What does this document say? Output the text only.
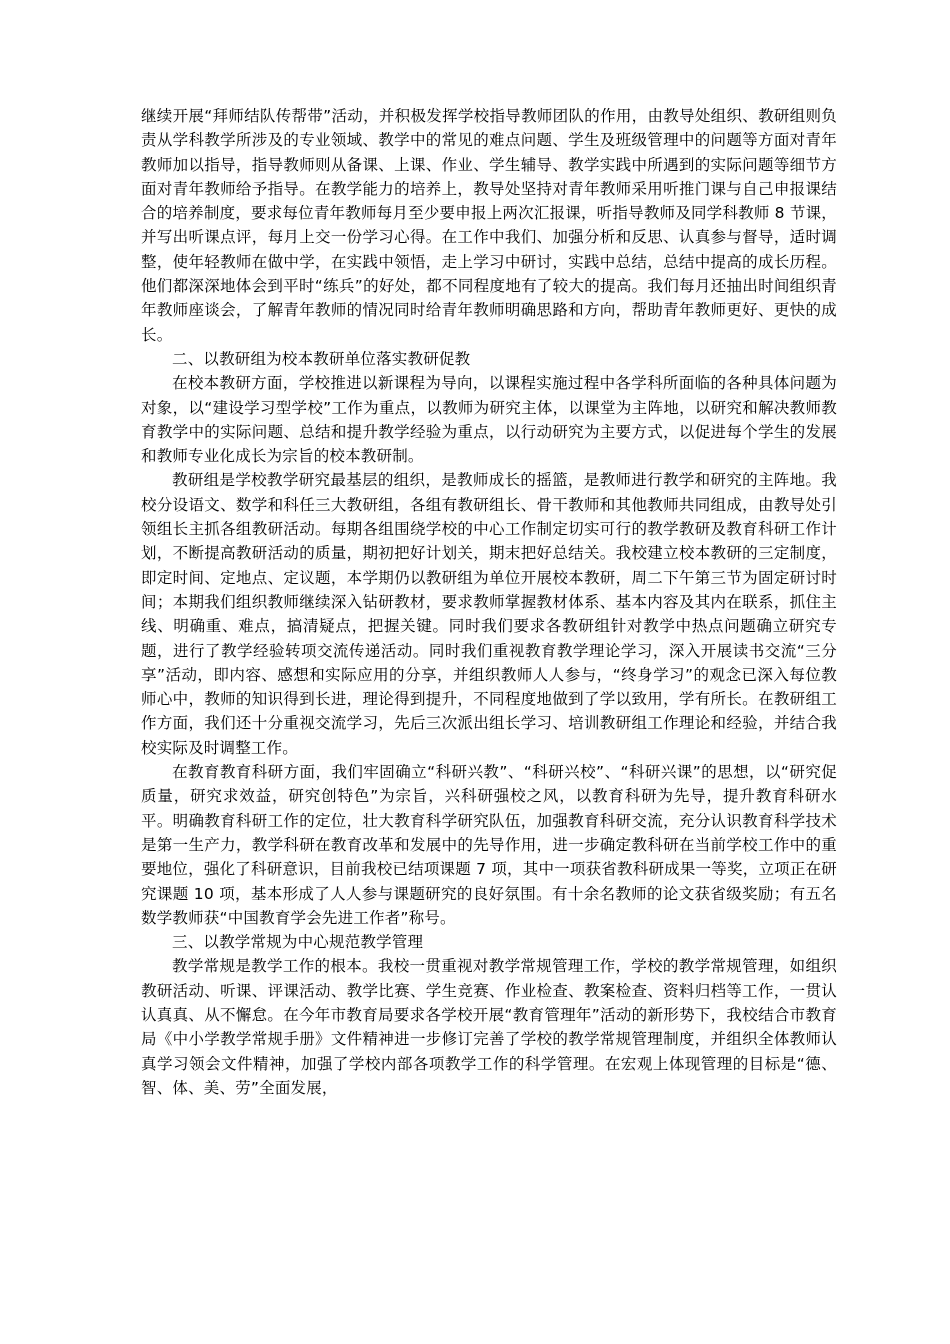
继续开展“拜师结队传帮带”活动，并积极发挥学校指导教师团队的作用，由教导处组织、教研组则负责从学科教学所涉及的专业领域、教学中的常见的难点问题、学生及班级管理中的问题等方面对青年教师加以指导，指导教师则从备课、上课、作业、学生辅导、教学实践中所遇到的实际问题等细节方面对青年教师给予指导。在教学能力的培养上，教导处坚持对青年教师采用听推门课与自己申报课结合的培养制度，要求每位青年教师每月至少要申报上两次汇报课，听指导教师及同学科教师 8 节课，并写出听课点评，每月上交一份学习心得。在工作中我们、加强分析和反思、认真参与督导，适时调整，使年轻教师在做中学，在实践中领悟，走上学习中研讨，实践中总结，总结中提高的成长历程。他们都深深地体会到平时“练兵”的好处，都不同程度地有了较大的提高。我们每月还抽出时间组织青年教师座谈会，了解青年教师的情况同时给青年教师明确思路和方向，帮助青年教师更好、更快的成长。

二、以教研组为校本教研单位落实教研促教

在校本教研方面，学校推进以新课程为导向，以课程实施过程中各学科所面临的各种具体问题为对象，以“建设学习型学校”工作为重点，以教师为研究主体，以课堂为主阵地，以研究和解决教师教育教学中的实际问题、总结和提升教学经验为重点，以行动研究为主要方式，以促进每个学生的发展和教师专业化成长为宗旨的校本教研制。

教研组是学校教学研究最基层的组织，是教师成长的摇篮，是教师进行教学和研究的主阵地。我校分设语文、数学和科任三大教研组，各组有教研组长、骨干教师和其他教师共同组成，由教导处引领组长主抓各组教研活动。每期各组围绕学校的中心工作制定切实可行的教学教研及教育科研工作计划，不断提高教研活动的质量，期初把好计划关，期末把好总结关。我校建立校本教研的三定制度，即定时间、定地点、定议题，本学期仍以教研组为单位开展校本教研，周二下午第三节为固定研讨时间；本期我们组织教师继续深入钻研教材，要求教师掌握教材体系、基本内容及其内在联系，抓住主线、明确重、难点，搞清疑点，把握关键。同时我们要求各教研组针对教学中热点问题确立研究专题，进行了教学经验转项交流传递活动。同时我们重视教育教学理论学习，深入开展读书交流“三分享”活动，即内容、感想和实际应用的分享，并组织教师人人参与，“终身学习”的观念已深入每位教师心中，教师的知识得到长进，理论得到提升，不同程度地做到了学以致用，学有所长。在教研组工作方面，我们还十分重视交流学习，先后三次派出组长学习、培训教研组工作理论和经验，并结合我校实际及时调整工作。

在教育教育科研方面，我们牢固确立“科研兴教”、“科研兴校”、“科研兴课”的思想，以“研究促质量，研究求效益，研究创特色”为宗旨，兴科研强校之风，以教育科研为先导，提升教育科研水平。明确教育科研工作的定位，壮大教育科学研究队伍，加强教育科研交流，充分认识教育科学技术是第一生产力，教学科研在教育改革和发展中的先导作用，进一步确定教科研在当前学校工作中的重要地位，强化了科研意识，目前我校已结项课题 7 项，其中一项获省教科研成果一等奖，立项正在研究课题 10 项，基本形成了人人参与课题研究的良好氛围。有十余名教师的论文获省级奖励；有五名数学教师获“中国教育学会先进工作者”称号。

三、以教学常规为中心规范教学管理

教学常规是教学工作的根本。我校一贯重视对教学常规管理工作，学校的教学常规管理，如组织教研活动、听课、评课活动、教学比赛、学生竞赛、作业检查、教案检查、资料归档等工作，一贯认认真真、从不懈怠。在今年市教育局要求各学校开展“教育管理年”活动的新形势下，我校结合市教育局《中小学教学常规手册》文件精神进一步修订完善了学校的教学常规管理制度，并组织全体教师认真学习领会文件精神，加强了学校内部各项教学工作的科学管理。在宏观上体现管理的目标是“德、智、体、美、劳”全面发展，
